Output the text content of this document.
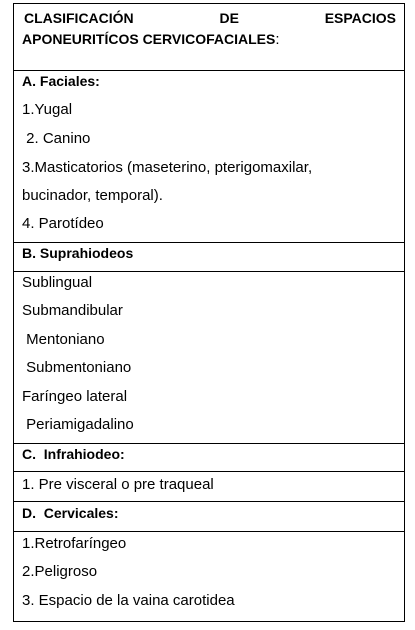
CLASIFICACIÓN	DE	ESPACIOS
APONEURITÍCOS CERVICOFACIALES:
A. Faciales:
1.Yugal
2. Canino
3.Masticatorios (maseterino, pterigomaxilar,
bucinador, temporal).
4. Parotídeo
B. Suprahiodeos
Sublingual
Submandibular
Mentoniano
Submentoniano
Faríngeo lateral
Periamigadalino
C.  Infrahiodeo:
1. Pre visceral o pre traqueal
D.  Cervicales:
1.Retrofaríngeo
2.Peligroso
3. Espacio de la vaina carotidea
